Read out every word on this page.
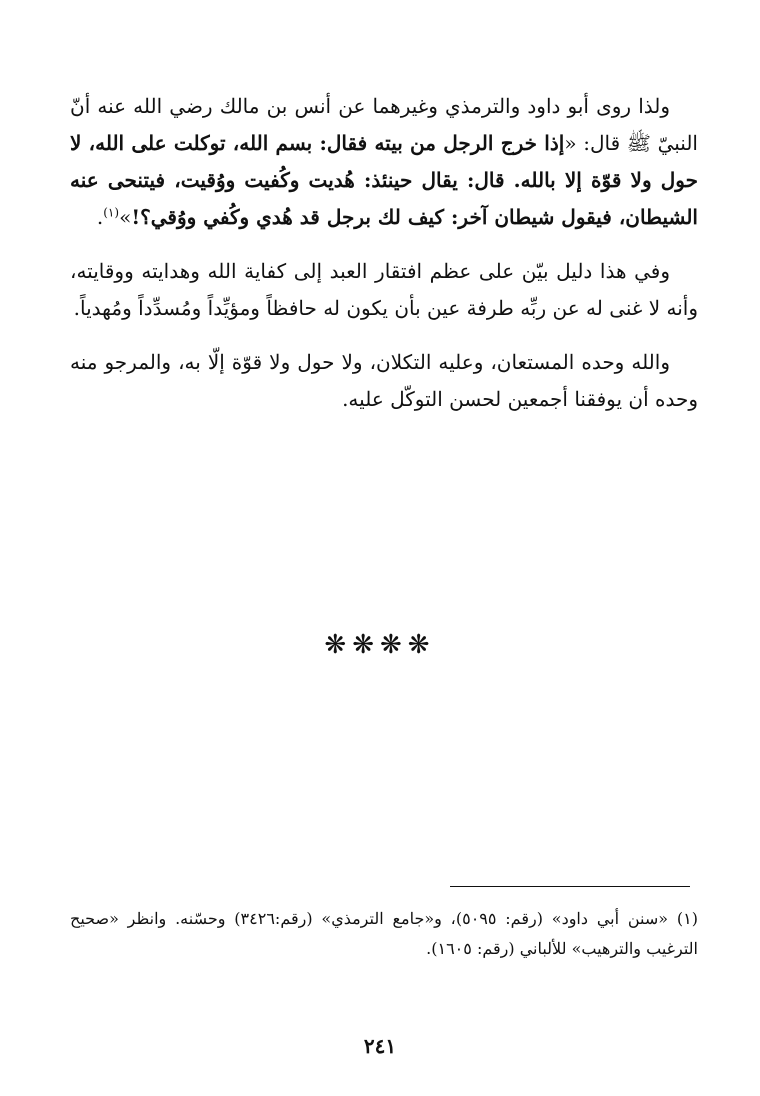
ولذا روى أبو داود والترمذي وغيرهما عن أنس بن مالك رضي الله عنه أنّ النبيّ ﷺ قال: «إذا خرج الرجل من بيته فقال: بسم الله، توكلت على الله، لا حول ولا قوّة إلا بالله. قال: يقال حينئذ: هُديت وكُفيت ووُقيت، فيتنحى عنه الشيطان، فيقول شيطان آخر: كيف لك برجل قد هُدي وكُفي ووُقي؟!»$^{(١)}$.

وفي هذا دليل بيّن على عظم افتقار العبد إلى كفاية الله وهدايته ووقايته، وأنه لا غنى له عن ربِّه طرفة عين بأن يكون له حافظاً ومؤيِّداً ومُسدِّداً ومُهدياً.

والله وحده المستعان، وعليه التكلان، ولا حول ولا قوّة إلّا به، والمرجو منه وحده أن يوفقنا أجمعين لحسن التوكّل عليه.

❋❋❋❋

(١) «سنن أبي داود» (رقم: ٥٠٩٥)، و«جامع الترمذي» (رقم:٣٤٢٦) وحسّنه. وانظر «صحيح الترغيب والترهيب» للألباني (رقم: ١٦٠٥).

٢٤١
